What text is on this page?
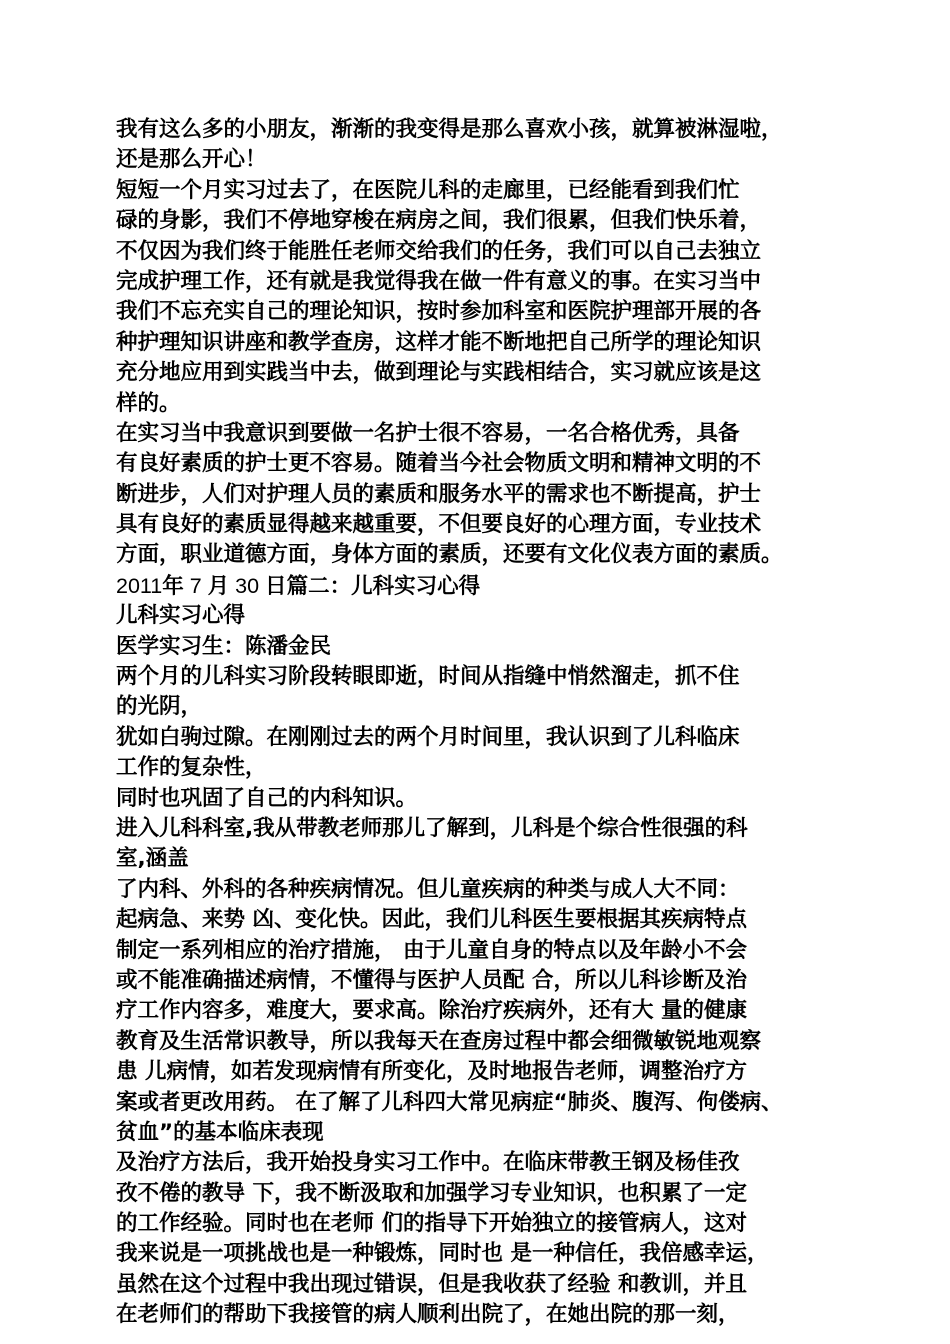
我有这么多的小朋友，渐渐的我变得是那么喜欢小孩，就算被淋湿啦，
还是那么开心！
短短一个月实习过去了，在医院儿科的走廊里，已经能看到我们忙
碌的身影，我们不停地穿梭在病房之间，我们很累，但我们快乐着，
不仅因为我们终于能胜任老师交给我们的任务，我们可以自己去独立
完成护理工作，还有就是我觉得我在做一件有意义的事。在实习当中
我们不忘充实自己的理论知识，按时参加科室和医院护理部开展的各
种护理知识讲座和教学查房，这样才能不断地把自己所学的理论知识
充分地应用到实践当中去，做到理论与实践相结合，实习就应该是这
样的。
在实习当中我意识到要做一名护士很不容易，一名合格优秀，具备
有良好素质的护士更不容易。随着当今社会物质文明和精神文明的不
断进步，人们对护理人员的素质和服务水平的需求也不断提高，护士
具有良好的素质显得越来越重要，不但要良好的心理方面，专业技术
方面，职业道德方面，身体方面的素质，还要有文化仪表方面的素质。
2011年 7 月 30 日篇二：儿科实习心得
儿科实习心得
医学实习生：陈潘金民
两个月的儿科实习阶段转眼即逝，时间从指缝中悄然溜走，抓不住
的光阴，
犹如白驹过隙。在刚刚过去的两个月时间里，我认识到了儿科临床
工作的复杂性，
同时也巩固了自己的内科知识。
进入儿科科室,我从带教老师那儿了解到，儿科是个综合性很强的科
室,涵盖
了内科、外科的各种疾病情况。但儿童疾病的种类与成人大不同：
起病急、来势 凶、变化快。因此，我们儿科医生要根据其疾病特点
制定一系列相应的治疗措施， 由于儿童自身的特点以及年龄小不会
或不能准确描述病情，不懂得与医护人员配 合，所以儿科诊断及治
疗工作内容多，难度大，要求高。除治疗疾病外，还有大 量的健康
教育及生活常识教导，所以我每天在查房过程中都会细微敏锐地观察
患 儿病情，如若发现病情有所变化，及时地报告老师，调整治疗方
案或者更改用药。 在了解了儿科四大常见病症“肺炎、腹泻、佝偻病、
贫血”的基本临床表现
及治疗方法后，我开始投身实习工作中。在临床带教王钢及杨佳孜
孜不倦的教导 下，我不断汲取和加强学习专业知识，也积累了一定
的工作经验。同时也在老师 们的指导下开始独立的接管病人，这对
我来说是一项挑战也是一种锻炼，同时也 是一种信任，我倍感幸运，
虽然在这个过程中我出现过错误，但是我收获了经验 和教训，并且
在老师们的帮助下我接管的病人顺利出院了，在她出院的那一刻，
